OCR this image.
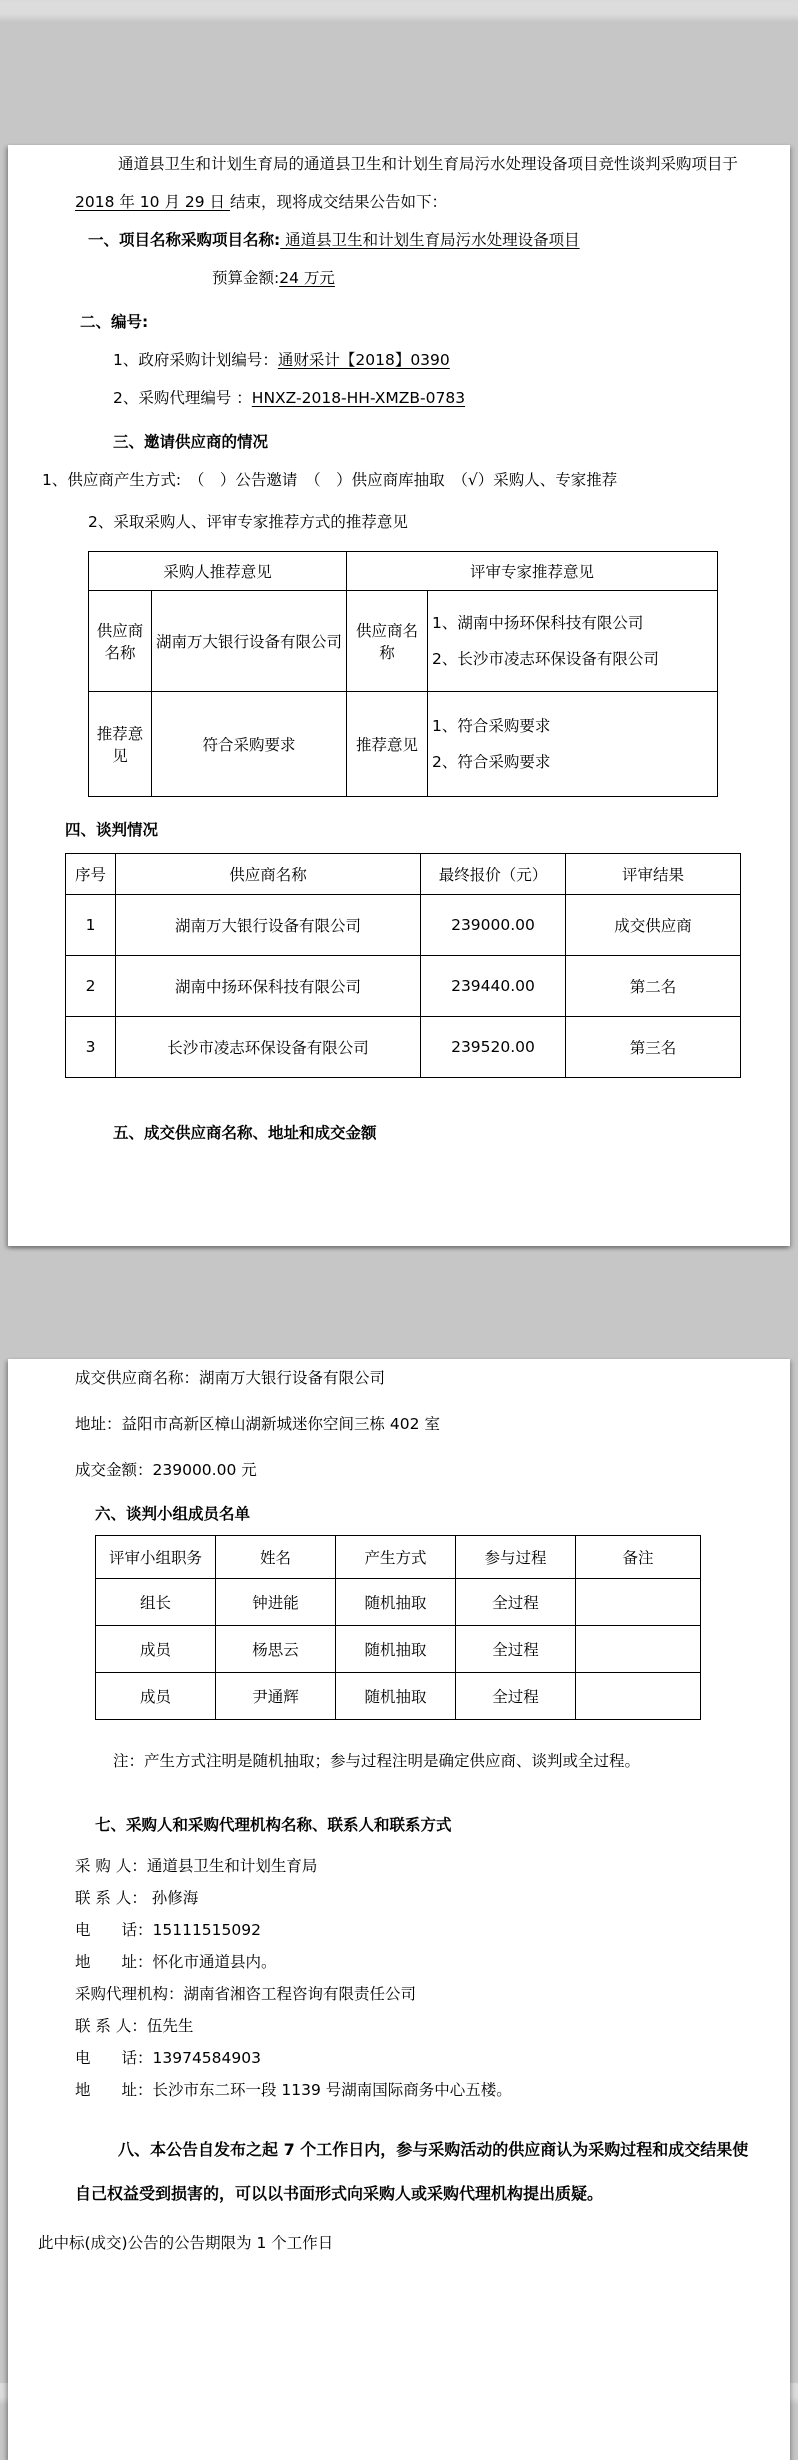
通道县卫生和计划生育局的通道县卫生和计划生育局污水处理设备项目竞性谈判采购项目于 2018 年 10 月 29 日 结束，现将成交结果公告如下：

一、项目名称采购项目名称: 通道县卫生和计划生育局污水处理设备项目

预算金额:24 万元

二、编号:

1、政府采购计划编号：通财采计【2018】0390

2、采购代理编号 ：HNXZ-2018-HH-XMZB-0783

三、邀请供应商的情况

1、供应商产生方式:　（　）公告邀请　（　）供应商库抽取　（√）采购人、专家推荐

2、采取采购人、评审专家推荐方式的推荐意见

采购人推荐意见		评审专家推荐意见	
供应商名称	湖南万大银行设备有限公司	供应商名称	1、湖南中扬环保科技有限公司
2、长沙市凌志环保设备有限公司

推荐意见	符合采购要求	推荐意见	1、符合采购要求
2、符合采购要求

四、谈判情况

序号	供应商名称	最终报价（元）	评审结果
1	湖南万大银行设备有限公司	239000.00	成交供应商
2	湖南中扬环保科技有限公司	239440.00	第二名
3	长沙市凌志环保设备有限公司	239520.00	第三名

五、成交供应商名称、地址和成交金额

成交供应商名称：湖南万大银行设备有限公司

地址：益阳市高新区樟山湖新城迷你空间三栋 402 室

成交金额：239000.00 元

六、谈判小组成员名单

评审小组职务	姓名	产生方式	参与过程	备注
组长	钟进能	随机抽取	全过程	
成员	杨思云	随机抽取	全过程	
成员	尹通辉	随机抽取	全过程	

注：产生方式注明是随机抽取；参与过程注明是确定供应商、谈判或全过程。

七、采购人和采购代理机构名称、联系人和联系方式

采 购 人：通道县卫生和计划生育局

联 系 人： 孙修海

电　　话：15111515092

地　　址：怀化市通道县内。

采购代理机构：湖南省湘咨工程咨询有限责任公司

联 系 人：伍先生

电　　话：13974584903

地　　址：长沙市东二环一段 1139 号湖南国际商务中心五楼。

八、本公告自发布之起 7 个工作日内，参与采购活动的供应商认为采购过程和成交结果使自己权益受到损害的，可以以书面形式向采购人或采购代理机构提出质疑。

此中标(成交)公告的公告期限为 1 个工作日
